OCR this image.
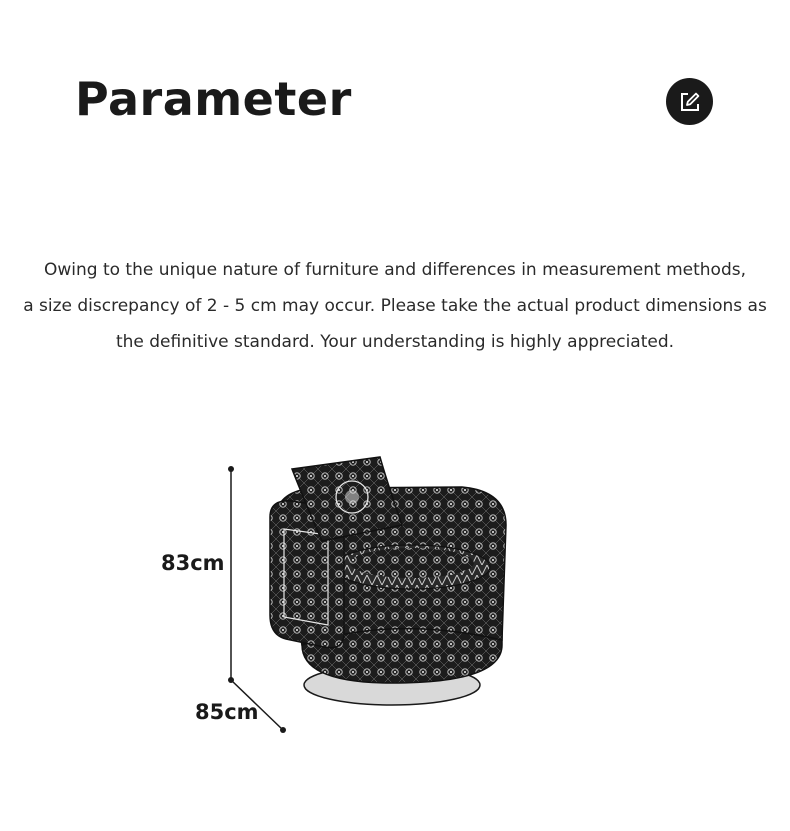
Parameter
Owing to the unique nature of furniture and differences in measurement methods,
a size discrepancy of 2 - 5 cm may occur. Please take the actual product dimensions as
the definitive standard. Your understanding is highly appreciated.
83cm
85cm
